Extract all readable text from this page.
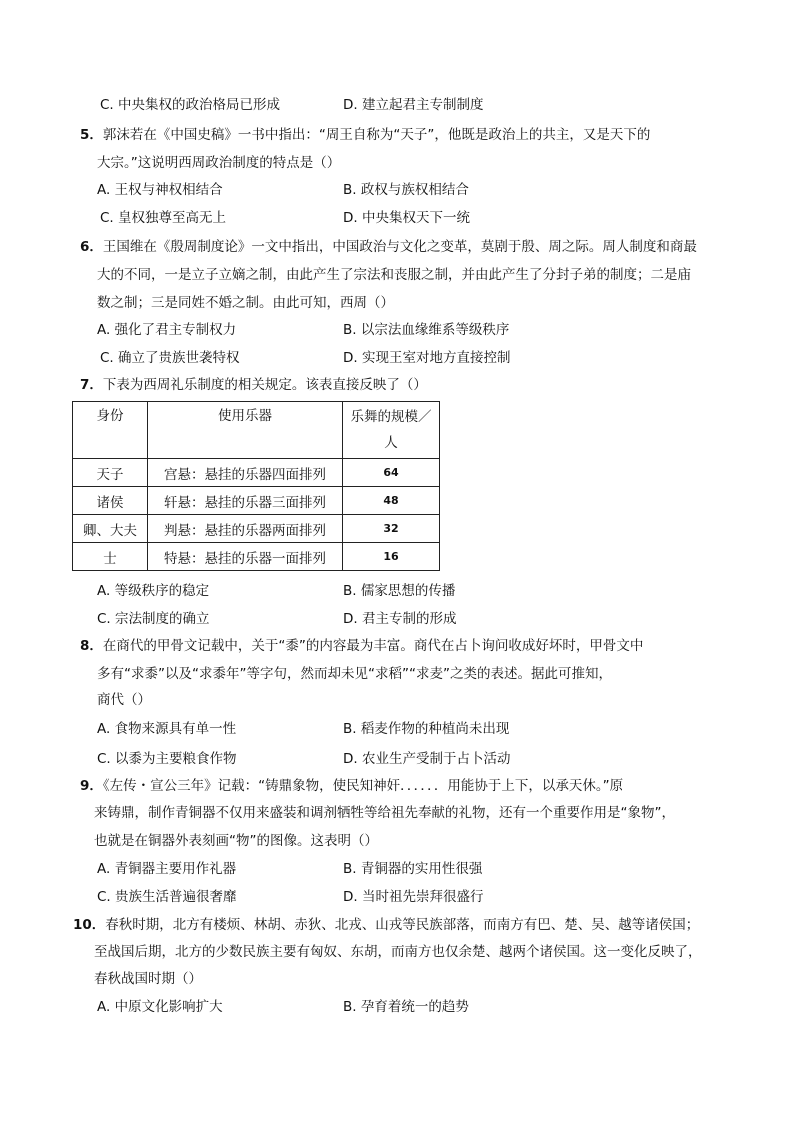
C. 中央集权的政治格局已形成	D. 建立起君主专制制度
5．郭沫若在《中国史稿》一书中指出：“周王自称为“天子”，他既是政治上的共主，又是天下的
大宗。”这说明西周政治制度的特点是（）
A. 王权与神权相结合	B. 政权与族权相结合
C. 皇权独尊至高无上	D. 中央集权天下一统
6．王国维在《殷周制度论》一文中指出，中国政治与文化之变革，莫剧于殷、周之际。周人制度和商最
大的不同，一是立子立嫡之制，由此产生了宗法和丧服之制，并由此产生了分封子弟的制度；二是庙
数之制；三是同姓不婚之制。由此可知，西周（）
A. 强化了君主专制权力	B. 以宗法血缘维系等级秩序
C. 确立了贵族世袭特权	D. 实现王室对地方直接控制
7．下表为西周礼乐制度的相关规定。该表直接反映了（）
身份	使用乐器	乐舞的规模／
人
天子	宫悬：悬挂的乐器四面排列	64
诸侯	轩悬：悬挂的乐器三面排列	48
卿、大夫	判悬：悬挂的乐器两面排列	32
士	特悬：悬挂的乐器一面排列	16
A. 等级秩序的稳定	B. 儒家思想的传播
C. 宗法制度的确立	D. 君主专制的形成
8．在商代的甲骨文记载中，关于“黍”的内容最为丰富。商代在占卜询问收成好坏时，甲骨文中
多有“求黍”以及“求黍年”等字句，然而却未见“求稻”“求麦”之类的表述。据此可推知，
商代（）
A. 食物来源具有单一性	B. 稻麦作物的种植尚未出现
C. 以黍为主要粮食作物	D. 农业生产受制于占卜活动
9．《左传・宣公三年》记载：“铸鼎象物，使民知神奸．．．．．．用能协于上下，以承天休。”原
来铸鼎，制作青铜器不仅用来盛装和调剂牺牲等给祖先奉献的礼物，还有一个重要作用是“象物”，
也就是在铜器外表刻画“物”的图像。这表明（）
A. 青铜器主要用作礼器	B. 青铜器的实用性很强
C. 贵族生活普遍很奢靡	D. 当时祖先崇拜很盛行
10．春秋时期，北方有楼烦、林胡、赤狄、北戎、山戎等民族部落，而南方有巴、楚、吴、越等诸侯国；
至战国后期，北方的少数民族主要有匈奴、东胡，而南方也仅余楚、越两个诸侯国。这一变化反映了，
春秋战国时期（）
A. 中原文化影响扩大	B. 孕育着统一的趋势
